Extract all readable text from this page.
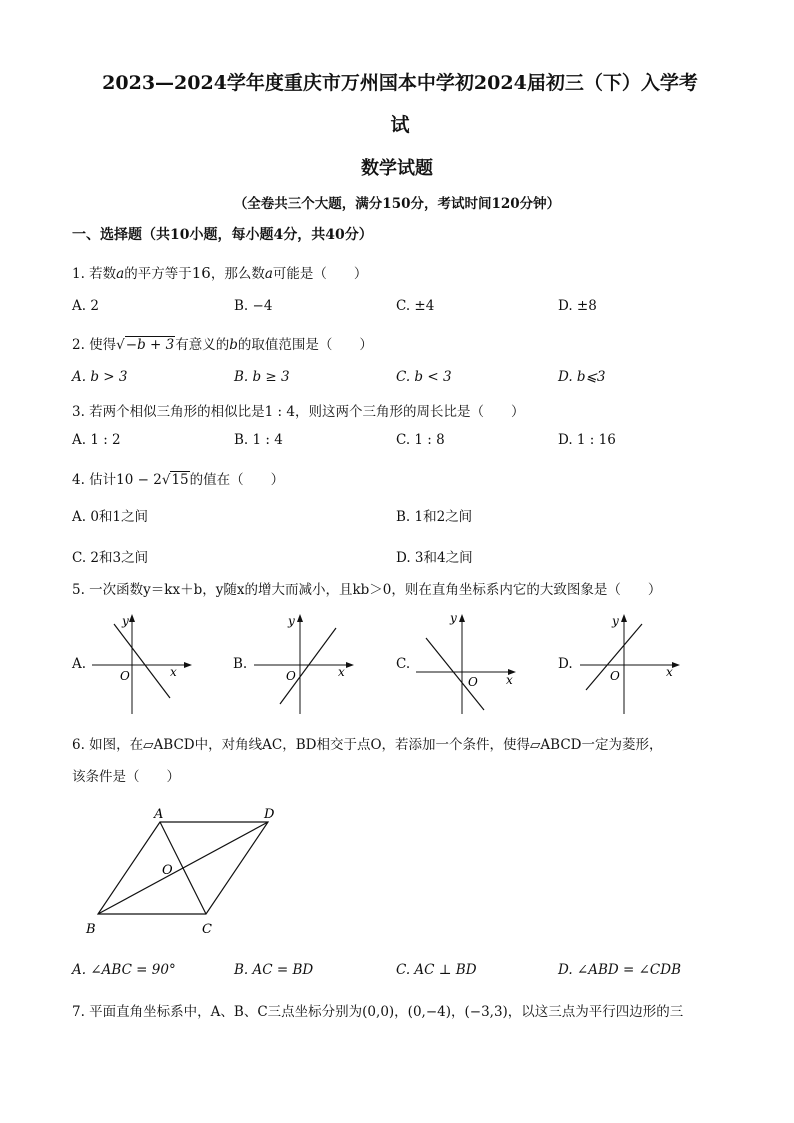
2023—2024学年度重庆市万州国本中学初2024届初三（下）入学考
试
数学试题
（全卷共三个大题，满分150分，考试时间120分钟）
一、选择题（共10小题，每小题4分，共40分）
1. 若数a的平方等于16，那么数a可能是（　　）
A. 2	B. −4	C. ±4	D. ±8
2. 使得√−b + 3有意义的b的取值范围是（　　）
A. b > 3	B. b ≥ 3	C. b < 3	D. b⩽3
3. 若两个相似三角形的相似比是1 : 4，则这两个三角形的周长比是（　　）
A. 1 : 2	B. 1 : 4	C. 1 : 8	D. 1 : 16
4. 估计10 − 2√15的值在（　　）
A. 0和1之间	B. 1和2之间
C. 2和3之间	D. 3和4之间
5. 一次函数y＝kx＋b，y随x的增大而减小，且kb＞0，则在直角坐标系内它的大致图象是（　　）
A.
O	x
y
B.
O	x
y
C.
O x
y
D.
O	x
y
6. 如图，在▱ABCD中，对角线AC，BD相交于点O，若添加一个条件，使得▱ABCD一定为菱形，
该条件是（　　）
A	D
O
B	C
A. ∠ABC = 90°	B. AC = BD	C. AC ⊥ BD	D. ∠ABD = ∠CDB
7. 平面直角坐标系中，A、B、C三点坐标分别为(0,0)，(0,−4)，(−3,3)，以这三点为平行四边形的三
